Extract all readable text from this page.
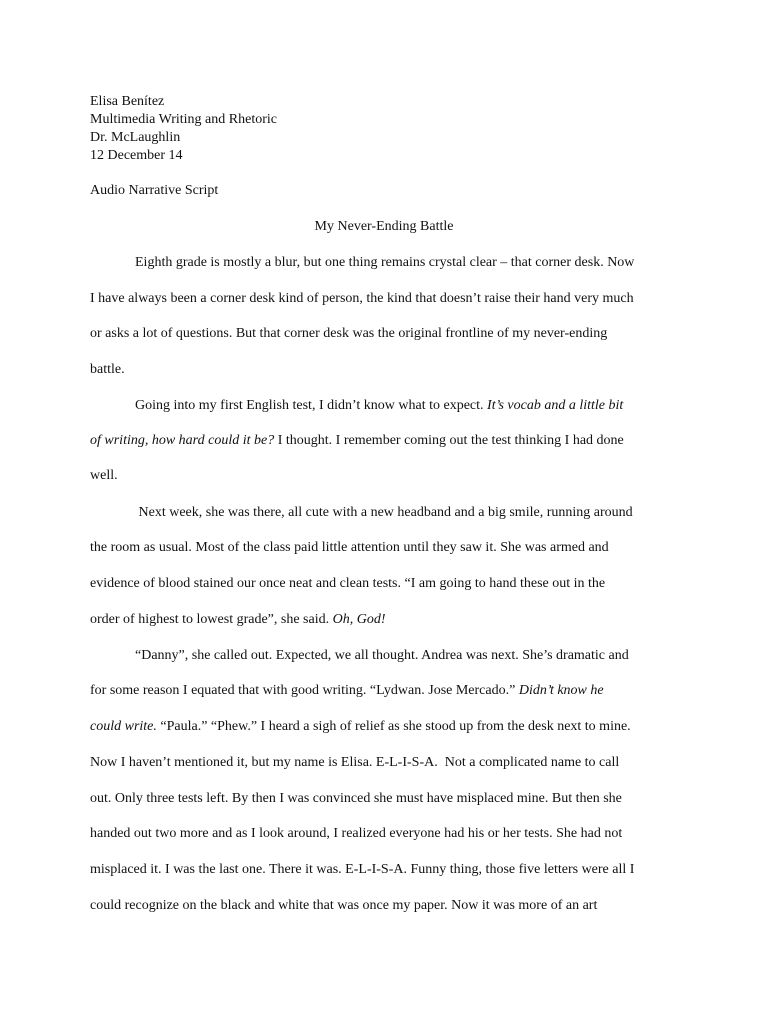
Elisa Benítez
Multimedia Writing and Rhetoric
Dr. McLaughlin
12 December 14
Audio Narrative Script
My Never-Ending Battle
Eighth grade is mostly a blur, but one thing remains crystal clear – that corner desk. Now
I have always been a corner desk kind of person, the kind that doesn’t raise their hand very much
or asks a lot of questions. But that corner desk was the original frontline of my never-ending
battle.
Going into my first English test, I didn’t know what to expect. It’s vocab and a little bit
of writing, how hard could it be? I thought. I remember coming out the test thinking I had done
well.
Next week, she was there, all cute with a new headband and a big smile, running around
the room as usual. Most of the class paid little attention until they saw it. She was armed and
evidence of blood stained our once neat and clean tests. “I am going to hand these out in the
order of highest to lowest grade”, she said. Oh, God!
“Danny”, she called out. Expected, we all thought. Andrea was next. She’s dramatic and
for some reason I equated that with good writing. “Lydwan. Jose Mercado.” Didn’t know he
could write. “Paula.” “Phew.” I heard a sigh of relief as she stood up from the desk next to mine.
Now I haven’t mentioned it, but my name is Elisa. E-L-I-S-A.  Not a complicated name to call
out. Only three tests left. By then I was convinced she must have misplaced mine. But then she
handed out two more and as I look around, I realized everyone had his or her tests. She had not
misplaced it. I was the last one. There it was. E-L-I-S-A. Funny thing, those five letters were all I
could recognize on the black and white that was once my paper. Now it was more of an art
